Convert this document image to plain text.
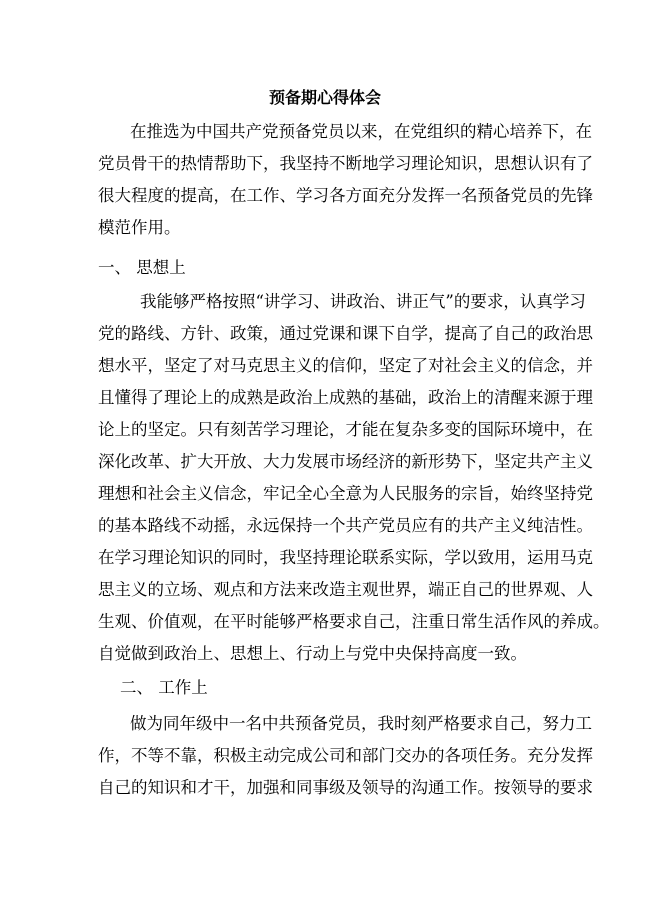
预备期心得体会
在推选为中国共产党预备党员以来，在党组织的精心培养下，在
党员骨干的热情帮助下，我坚持不断地学习理论知识，思想认识有了
很大程度的提高，在工作、学习各方面充分发挥一名预备党员的先锋
模范作用。
一、 思想上
我能够严格按照“讲学习、讲政治、讲正气”的要求，认真学习
党的路线、方针、政策，通过党课和课下自学，提高了自己的政治思
想水平，坚定了对马克思主义的信仰，坚定了对社会主义的信念，并
且懂得了理论上的成熟是政治上成熟的基础，政治上的清醒来源于理
论上的坚定。只有刻苦学习理论，才能在复杂多变的国际环境中，在
深化改革、扩大开放、大力发展市场经济的新形势下，坚定共产主义
理想和社会主义信念，牢记全心全意为人民服务的宗旨，始终坚持党
的基本路线不动摇，永远保持一个共产党员应有的共产主义纯洁性。
在学习理论知识的同时，我坚持理论联系实际，学以致用，运用马克
思主义的立场、观点和方法来改造主观世界，端正自己的世界观、人
生观、价值观，在平时能够严格要求自己，注重日常生活作风的养成。
自觉做到政治上、思想上、行动上与党中央保持高度一致。
二、 工作上
做为同年级中一名中共预备党员，我时刻严格要求自己，努力工
作，不等不靠，积极主动完成公司和部门交办的各项任务。充分发挥
自己的知识和才干，加强和同事级及领导的沟通工作。按领导的要求
